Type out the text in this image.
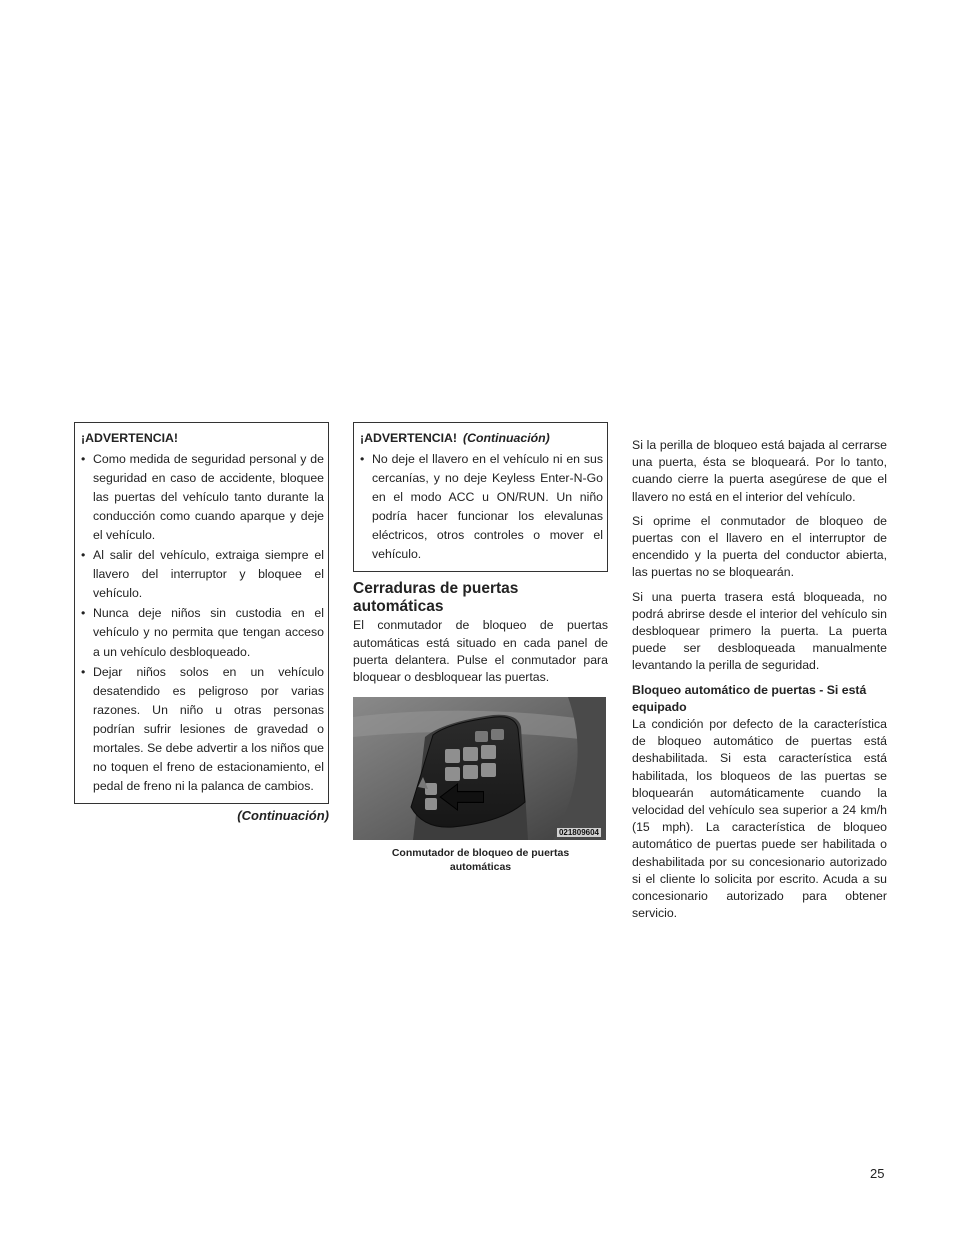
¡ADVERTENCIA!
• Como medida de seguridad personal y de seguridad en caso de accidente, bloquee las puertas del vehículo tanto durante la conducción como cuando aparque y deje el vehículo.
• Al salir del vehículo, extraiga siempre el llavero del interruptor y bloquee el vehículo.
• Nunca deje niños sin custodia en el vehículo y no permita que tengan acceso a un vehículo desbloqueado.
• Dejar niños solos en un vehículo desatendido es peligroso por varias razones. Un niño u otras personas podrían sufrir lesiones de gravedad o mortales. Se debe advertir a los niños que no toquen el freno de estacionamiento, el pedal de freno ni la palanca de cambios.
(Continuación)
¡ADVERTENCIA! (Continuación)
• No deje el llavero en el vehículo ni en sus cercanías, y no deje Keyless Enter-N-Go en el modo ACC u ON/RUN. Un niño podría hacer funcionar los elevalunas eléctricos, otros controles o mover el vehículo.
Cerraduras de puertas automáticas

El conmutador de bloqueo de puertas automáticas está situado en cada panel de puerta delantera. Pulse el conmutador para bloquear o desbloquear las puertas.

021809604
Conmutador de bloqueo de puertas automáticas

Si la perilla de bloqueo está bajada al cerrarse una puerta, ésta se bloqueará. Por lo tanto, cuando cierre la puerta asegúrese de que el llavero no está en el interior del vehículo.

Si oprime el conmutador de bloqueo de puertas con el llavero en el interruptor de encendido y la puerta del conductor abierta, las puertas no se bloquearán.

Si una puerta trasera está bloqueada, no podrá abrirse desde el interior del vehículo sin desbloquear primero la puerta. La puerta puede ser desbloqueada manualmente levantando la perilla de seguridad.

Bloqueo automático de puertas - Si está equipado

La condición por defecto de la característica de bloqueo automático de puertas está deshabilitada. Si esta característica está habilitada, los bloqueos de las puertas se bloquearán automáticamente cuando la velocidad del vehículo sea superior a 24 km/h (15 mph). La característica de bloqueo automático de puertas puede ser habilitada o deshabilitada por su concesionario autorizado si el cliente lo solicita por escrito. Acuda a su concesionario autorizado para obtener servicio.

25
